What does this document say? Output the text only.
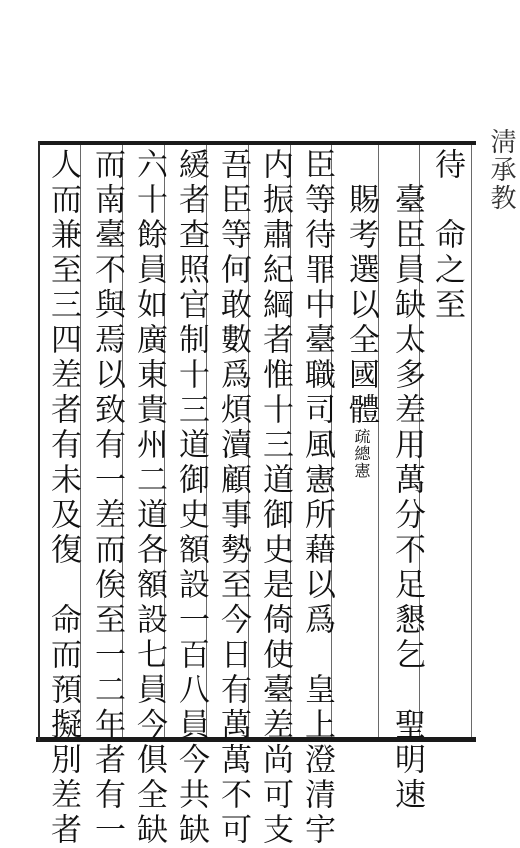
淸承教
待　命之至
　臺臣員缺太多差用萬分不足懇乞　聖明速
　賜考選以全國體疏總憲
臣等待罪中臺職司風憲所藉以爲　皇上澄清宇
内振肅紀綱者惟十三道御史是倚使臺差尚可支
吾臣等何敢數爲煩瀆顧事勢至今日有萬萬不可
緩者查照官制十三道御史額設一百八員今共缺
六十餘員如廣東貴州二道各額設七員今俱全缺
而南臺不與焉以致有一差而俟至一二年者有一
人而兼至三四差者有未及復　命而預擬別差者
